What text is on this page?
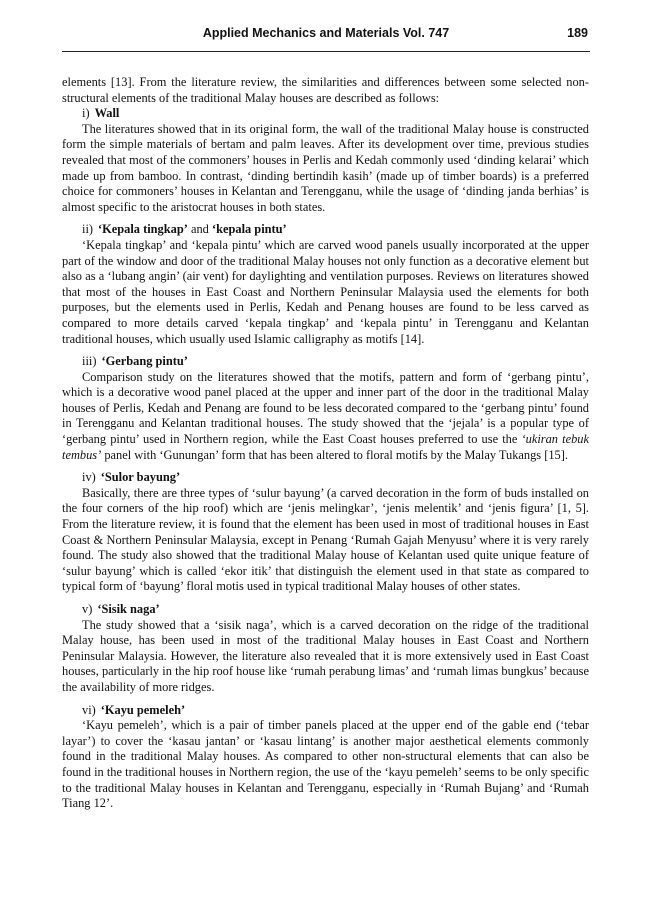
Applied Mechanics and Materials Vol. 747	189

elements [13]. From the literature review, the similarities and differences between some selected non-structural elements of the traditional Malay houses are described as follows:

i) Wall

The literatures showed that in its original form, the wall of the traditional Malay house is constructed form the simple materials of bertam and palm leaves. After its development over time, previous studies revealed that most of the commoners’ houses in Perlis and Kedah commonly used ‘dinding kelarai’ which made up from bamboo. In contrast, ‘dinding bertindih kasih’ (made up of timber boards) is a preferred choice for commoners’ houses in Kelantan and Terengganu, while the usage of ‘dinding janda berhias’ is almost specific to the aristocrat houses in both states.

ii) ‘Kepala tingkap’ and ‘kepala pintu’

‘Kepala tingkap’ and ‘kepala pintu’ which are carved wood panels usually incorporated at the upper part of the window and door of the traditional Malay houses not only function as a decorative element but also as a ‘lubang angin’ (air vent) for daylighting and ventilation purposes. Reviews on literatures showed that most of the houses in East Coast and Northern Peninsular Malaysia used the elements for both purposes, but the elements used in Perlis, Kedah and Penang houses are found to be less carved as compared to more details carved ‘kepala tingkap’ and ‘kepala pintu’ in Terengganu and Kelantan traditional houses, which usually used Islamic calligraphy as motifs [14].

iii) ‘Gerbang pintu’

Comparison study on the literatures showed that the motifs, pattern and form of ‘gerbang pintu’, which is a decorative wood panel placed at the upper and inner part of the door in the traditional Malay houses of Perlis, Kedah and Penang are found to be less decorated compared to the ‘gerbang pintu’ found in Terengganu and Kelantan traditional houses. The study showed that the ‘jejala’ is a popular type of ‘gerbang pintu’ used in Northern region, while the East Coast houses preferred to use the ‘ukiran tebuk tembus’ panel with ‘Gunungan’ form that has been altered to floral motifs by the Malay Tukangs [15].

iv) ‘Sulor bayung’

Basically, there are three types of ‘sulur bayung’ (a carved decoration in the form of buds installed on the four corners of the hip roof) which are ‘jenis melingkar’, ‘jenis melentik’ and ‘jenis figura’ [1, 5]. From the literature review, it is found that the element has been used in most of traditional houses in East Coast & Northern Peninsular Malaysia, except in Penang ‘Rumah Gajah Menyusu’ where it is very rarely found. The study also showed that the traditional Malay house of Kelantan used quite unique feature of ‘sulur bayung’ which is called ‘ekor itik’ that distinguish the element used in that state as compared to typical form of ‘bayung’ floral motis used in typical traditional Malay houses of other states.

v) ‘Sisik naga’

The study showed that a ‘sisik naga’, which is a carved decoration on the ridge of the traditional Malay house, has been used in most of the traditional Malay houses in East Coast and Northern Peninsular Malaysia. However, the literature also revealed that it is more extensively used in East Coast houses, particularly in the hip roof house like ‘rumah perabung limas’ and ‘rumah limas bungkus’ because the availability of more ridges.

vi) ‘Kayu pemeleh’

‘Kayu pemeleh’, which is a pair of timber panels placed at the upper end of the gable end (‘tebar layar’) to cover the ‘kasau jantan’ or ‘kasau lintang’ is another major aesthetical elements commonly found in the traditional Malay houses. As compared to other non-structural elements that can also be found in the traditional houses in Northern region, the use of the ‘kayu pemeleh’ seems to be only specific to the traditional Malay houses in Kelantan and Terengganu, especially in ‘Rumah Bujang’ and ‘Rumah Tiang 12’.
